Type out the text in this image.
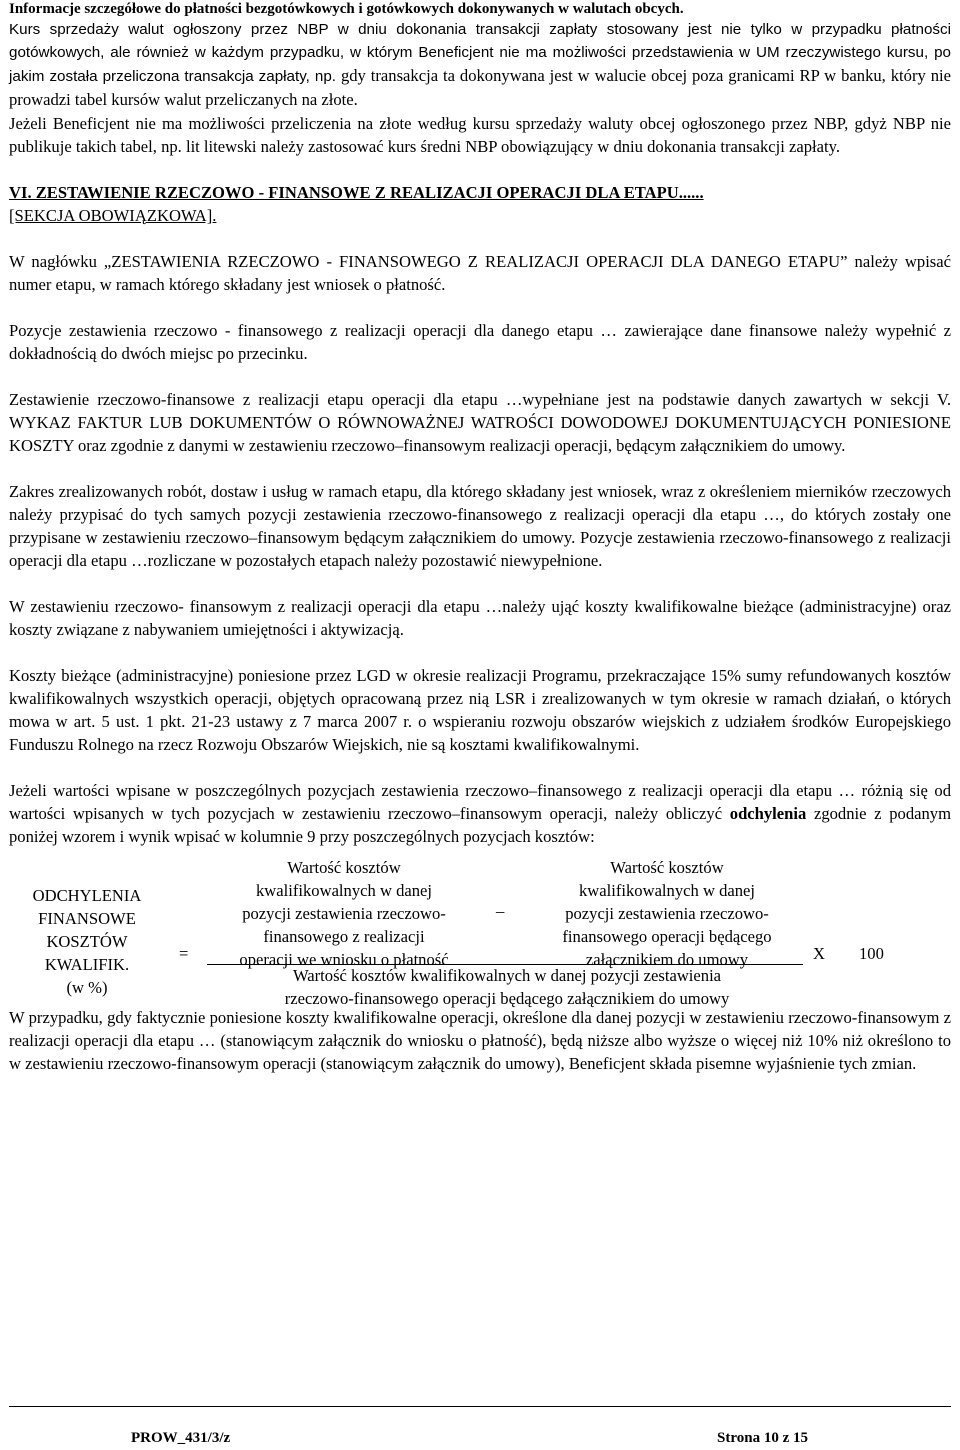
Informacje szczegółowe do płatności bezgotówkowych i gotówkowych dokonywanych w walutach obcych.

Kurs sprzedaży walut ogłoszony przez NBP w dniu dokonania transakcji zapłaty stosowany jest nie tylko w przypadku płatności gotówkowych, ale również w każdym przypadku, w którym Beneficjent nie ma możliwości przedstawienia w UM rzeczywistego kursu, po jakim została przeliczona transakcja zapłaty, np. gdy transakcja ta dokonywana jest w walucie obcej poza granicami RP w banku, który nie prowadzi tabel kursów walut przeliczanych na złote.

Jeżeli Beneficjent nie ma możliwości przeliczenia na złote według kursu sprzedaży waluty obcej ogłoszonego przez NBP, gdyż NBP nie publikuje takich tabel, np. lit litewski należy zastosować kurs średni NBP obowiązujący w dniu dokonania transakcji zapłaty.

VI. ZESTAWIENIE RZECZOWO - FINANSOWE Z REALIZACJI OPERACJI DLA ETAPU......
[SEKCJA OBOWIĄZKOWA].

W nagłówku „ZESTAWIENIA RZECZOWO - FINANSOWEGO Z REALIZACJI OPERACJI DLA DANEGO ETAPU” należy wpisać numer etapu, w ramach którego składany jest wniosek o płatność.

Pozycje zestawienia rzeczowo - finansowego z realizacji operacji dla danego etapu … zawierające dane finansowe należy wypełnić z dokładnością do dwóch miejsc po przecinku.

Zestawienie rzeczowo-finansowe z realizacji etapu operacji dla etapu …wypełniane jest na podstawie danych zawartych w sekcji V. WYKAZ FAKTUR LUB DOKUMENTÓW O RÓWNOWAŻNEJ WATROŚCI DOWODOWEJ DOKUMENTUJĄCYCH PONIESIONE KOSZTY oraz zgodnie z danymi w zestawieniu rzeczowo–finansowym realizacji operacji, będącym załącznikiem do umowy.

Zakres zrealizowanych robót, dostaw i usług w ramach etapu, dla którego składany jest wniosek, wraz z określeniem mierników rzeczowych należy przypisać do tych samych pozycji zestawienia rzeczowo-finansowego z realizacji operacji dla etapu …, do których zostały one przypisane w zestawieniu rzeczowo–finansowym będącym załącznikiem do umowy. Pozycje zestawienia rzeczowo-finansowego z realizacji operacji dla etapu …rozliczane w pozostałych etapach należy pozostawić niewypełnione.

W zestawieniu rzeczowo- finansowym z realizacji operacji dla etapu …należy ująć koszty kwalifikowalne bieżące (administracyjne) oraz koszty związane z nabywaniem umiejętności i aktywizacją.

Koszty bieżące (administracyjne) poniesione przez LGD w okresie realizacji Programu, przekraczające 15% sumy refundowanych kosztów kwalifikowalnych wszystkich operacji, objętych opracowaną przez nią LSR i zrealizowanych w tym okresie w ramach działań, o których mowa w art. 5 ust. 1 pkt. 21-23 ustawy z 7 marca 2007 r. o wspieraniu rozwoju obszarów wiejskich z udziałem środków Europejskiego Funduszu Rolnego na rzecz Rozwoju Obszarów Wiejskich, nie są kosztami kwalifikowalnymi.

Jeżeli wartości wpisane w poszczególnych pozycjach zestawienia rzeczowo–finansowego z realizacji operacji dla etapu … różnią się od wartości wpisanych w tych pozycjach w zestawieniu rzeczowo–finansowym operacji, należy obliczyć odchylenia zgodnie z podanym poniżej wzorem i wynik wpisać w kolumnie 9 przy poszczególnych pozycjach kosztów:

ODCHYLENIA
FINANSOWE
KOSZTÓW
KWALIFIK.
(w %)
=
Wartość kosztów
kwalifikowalnych w danej
pozycji zestawienia rzeczowo-
finansowego z realizacji
operacji we wniosku o płatność
_
Wartość kosztów
kwalifikowalnych w danej
pozycji zestawienia rzeczowo-
finansowego operacji będącego
załącznikiem do umowy	X 100
Wartość kosztów kwalifikowalnych w danej pozycji zestawienia
rzeczowo-finansowego operacji będącego załącznikiem do umowy

W przypadku, gdy faktycznie poniesione koszty kwalifikowalne operacji, określone dla danej pozycji w zestawieniu rzeczowo-finansowym z realizacji operacji dla etapu … (stanowiącym załącznik do wniosku o płatność), będą niższe albo wyższe o więcej niż 10% niż określono to w zestawieniu rzeczowo-finansowym operacji (stanowiącym załącznik do umowy), Beneficjent składa pisemne wyjaśnienie tych zmian.

PROW_431/3/z	Strona 10 z 15
